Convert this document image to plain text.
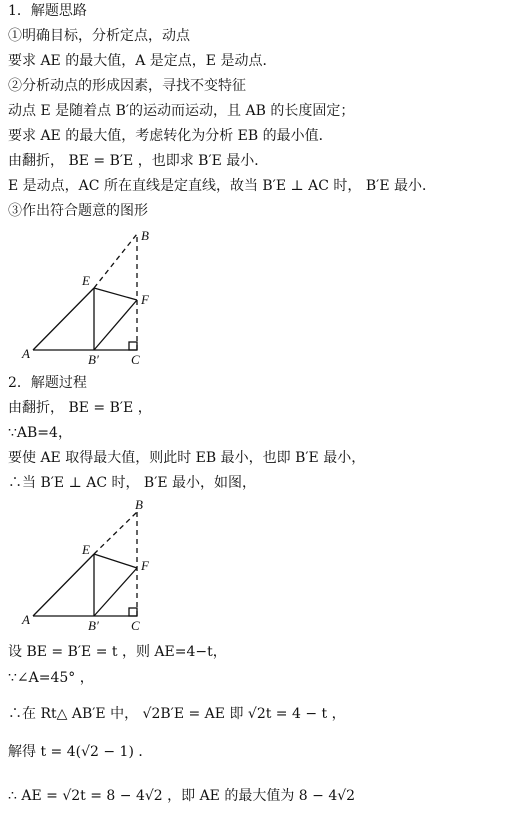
1．解题思路
①明确目标，分析定点，动点
要求 AE 的最大值，A 是定点，E 是动点．
②分析动点的形成因素，寻找不变特征
动点 E 是随着点 B′的运动而运动，且 AB 的长度固定；
要求 AE 的最大值，考虑转化为分析 EB 的最小值．
由翻折， BE = B′E ，也即求 B′E 最小．
E 是动点，AC 所在直线是定直线，故当 B′E ⊥ AC 时， B′E 最小．
③作出符合题意的图形
B
E
F
A	B′ C
2．解题过程
由翻折， BE = B′E ，
∵AB=4，
要使 AE 取得最大值，则此时 EB 最小，也即 B′E 最小，
∴当 B′E ⊥ AC 时， B′E 最小，如图，
B
E
F
A	B′ C
设 BE = B′E = t ，则 AE=4−t，
∵∠A=45° ，
∴在 Rt△ AB′E 中， √2B′E = AE 即 √2t = 4 − t ，
解得 t = 4(√2 − 1) ．
∴ AE = √2t = 8 − 4√2 ，即 AE 的最大值为 8 − 4√2
